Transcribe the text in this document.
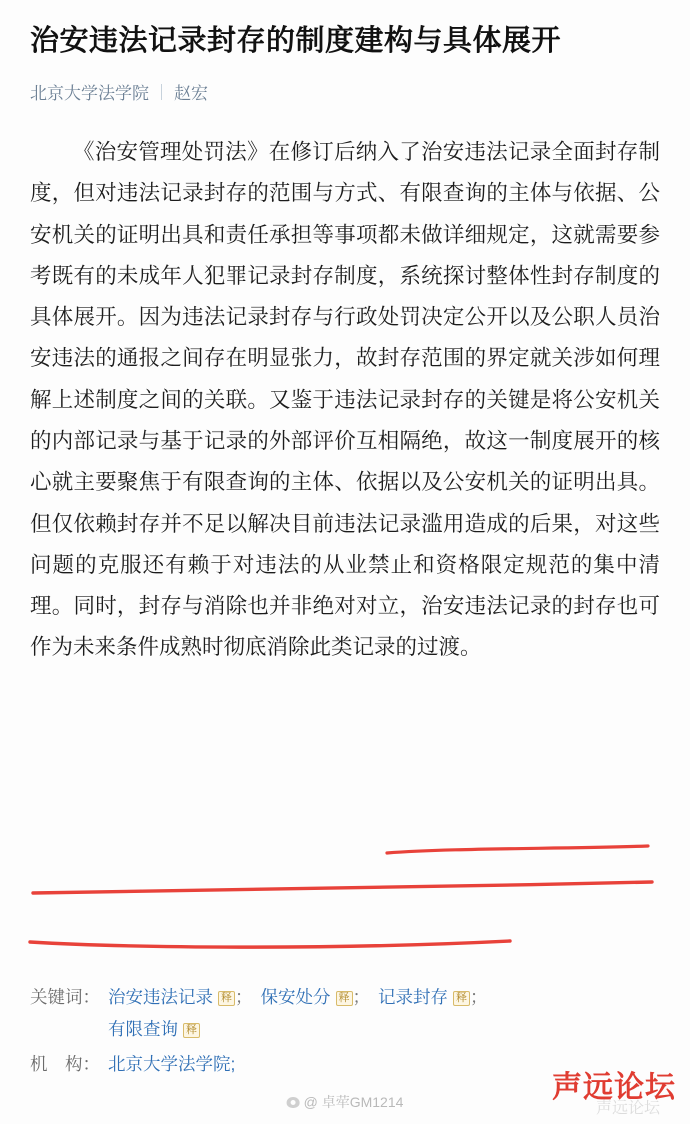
治安违法记录封存的制度建构与具体展开
北京大学法学院 赵宏

《治安管理处罚法》在修订后纳入了治安违法记录全面封存制度，但对违法记录封存的范围与方式、有限查询的主体与依据、公安机关的证明出具和责任承担等事项都未做详细规定，这就需要参考既有的未成年人犯罪记录封存制度，系统探讨整体性封存制度的具体展开。因为违法记录封存与行政处罚决定公开以及公职人员治安违法的通报之间存在明显张力，故封存范围的界定就关涉如何理解上述制度之间的关联。又鉴于违法记录封存的关键是将公安机关的内部记录与基于记录的外部评价互相隔绝，故这一制度展开的核心就主要聚焦于有限查询的主体、依据以及公安机关的证明出具。但仅依赖封存并不足以解决目前违法记录滥用造成的后果，对这些问题的克服还有赖于对违法的从业禁止和资格限定规范的集中清理。同时，封存与消除也并非绝对对立，治安违法记录的封存也可作为未来条件成熟时彻底消除此类记录的过渡。

关键词： 治安违法记录 释 ； 保安处分 释 ； 记录封存 释 ；
有限查询 释
机　构： 北京大学法学院;
@ 卓荦GM1214	声远论坛
声远论坛
